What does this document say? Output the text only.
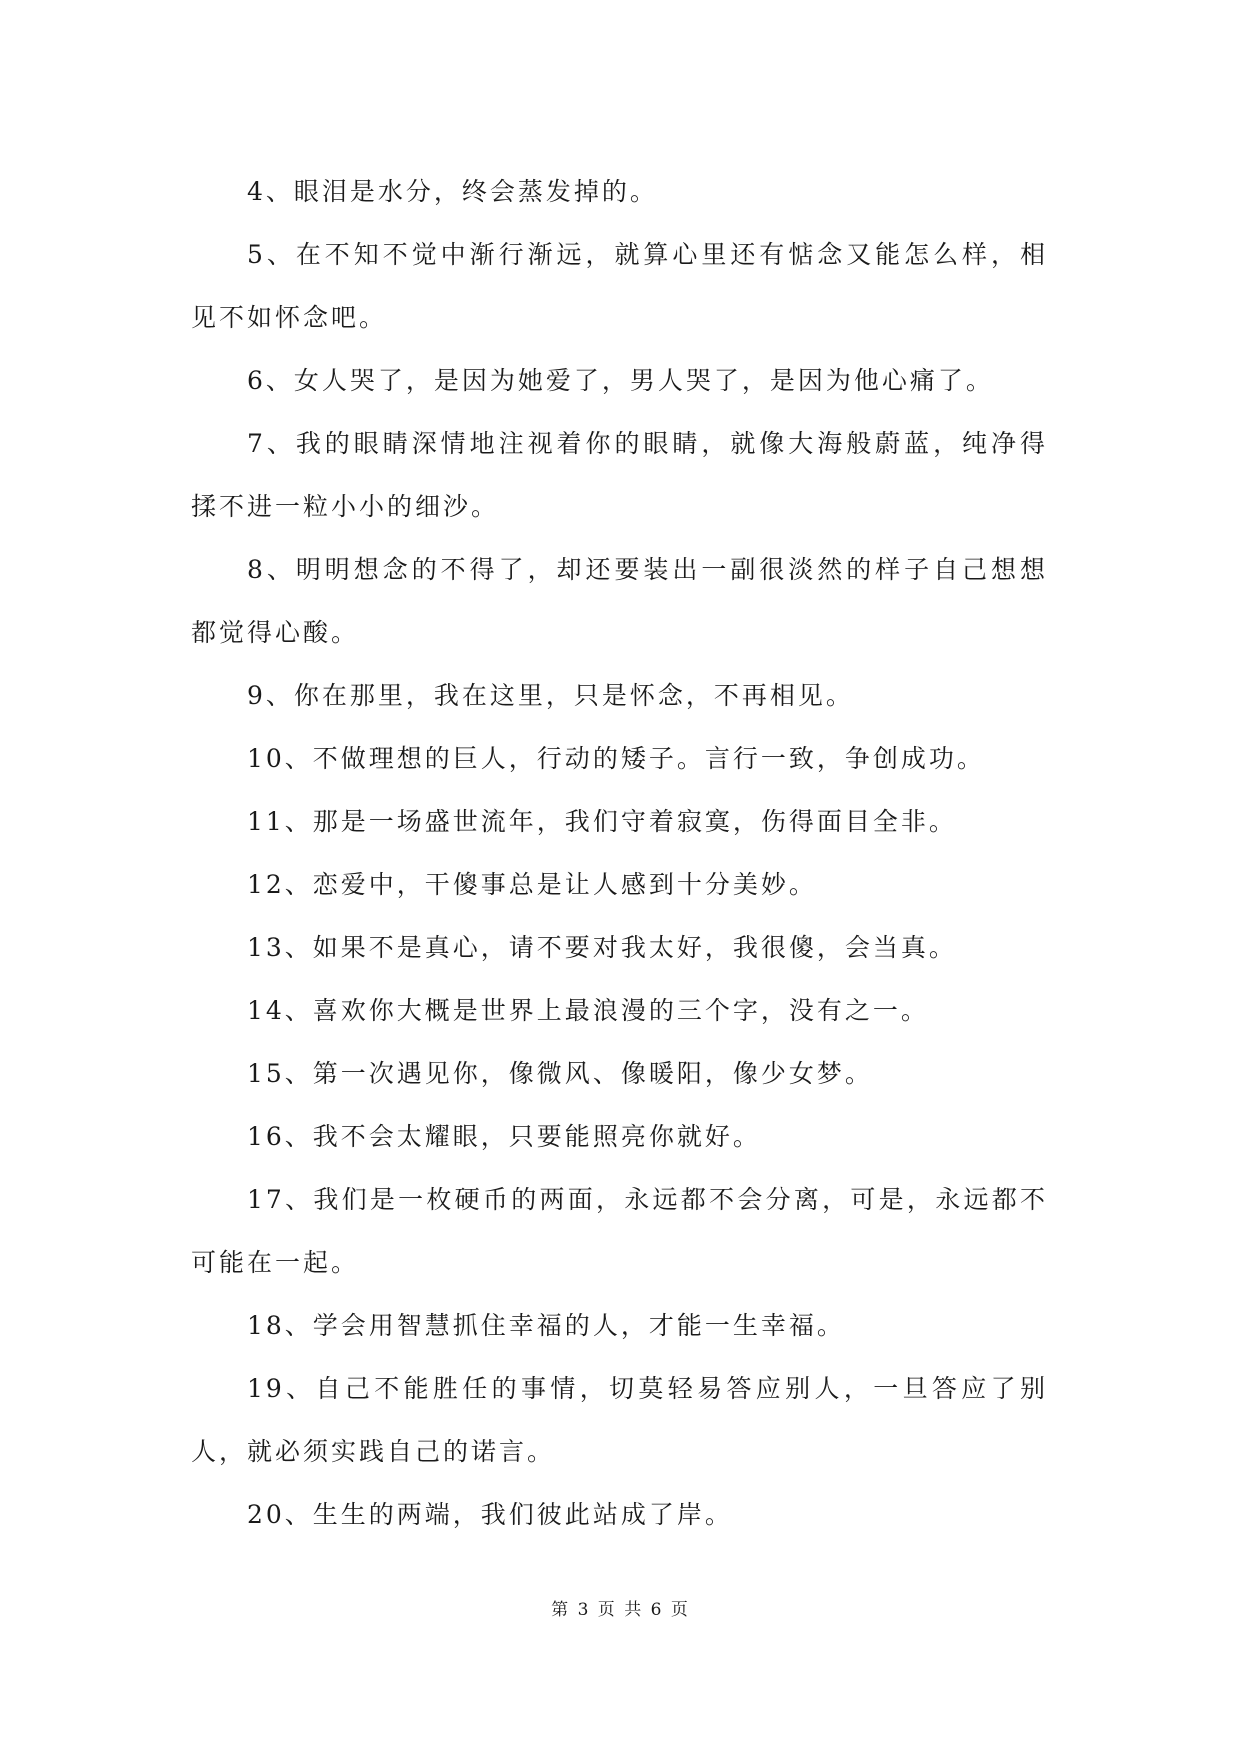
4、眼泪是水分，终会蒸发掉的。

5、在不知不觉中渐行渐远，就算心里还有惦念又能怎么样，相见不如怀念吧。

6、女人哭了，是因为她爱了，男人哭了，是因为他心痛了。

7、我的眼睛深情地注视着你的眼睛，就像大海般蔚蓝，纯净得揉不进一粒小小的细沙。

8、明明想念的不得了，却还要装出一副很淡然的样子自己想想都觉得心酸。

9、你在那里，我在这里，只是怀念，不再相见。

10、不做理想的巨人，行动的矮子。言行一致，争创成功。

11、那是一场盛世流年，我们守着寂寞，伤得面目全非。

12、恋爱中，干傻事总是让人感到十分美妙。

13、如果不是真心，请不要对我太好，我很傻，会当真。

14、喜欢你大概是世界上最浪漫的三个字，没有之一。

15、第一次遇见你，像微风、像暖阳，像少女梦。

16、我不会太耀眼，只要能照亮你就好。

17、我们是一枚硬币的两面，永远都不会分离，可是，永远都不可能在一起。

18、学会用智慧抓住幸福的人，才能一生幸福。

19、自己不能胜任的事情，切莫轻易答应别人，一旦答应了别人，就必须实践自己的诺言。

20、生生的两端，我们彼此站成了岸。

第 3 页 共 6 页
